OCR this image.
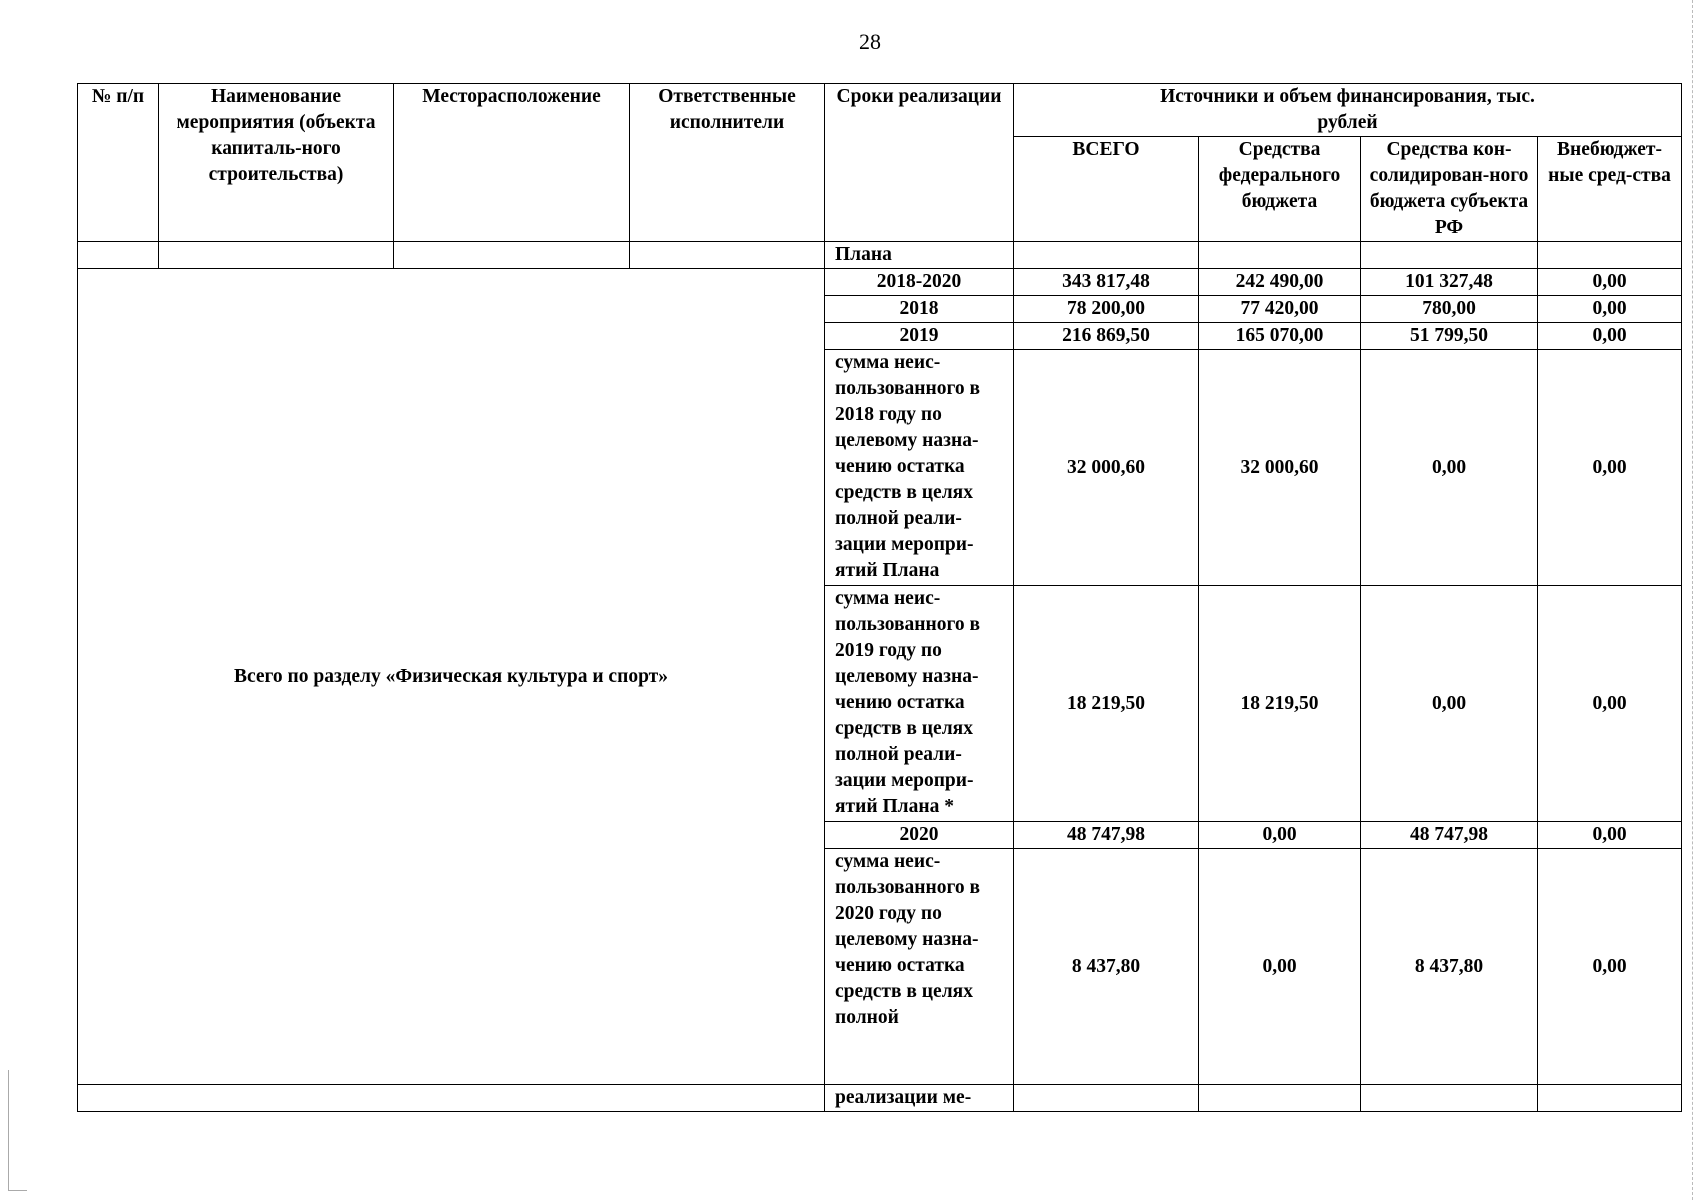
28
№ п/п	Наименование мероприятия (объекта капиталь-ного строительства)	Месторасположение	Ответственные исполнители	Сроки реализации	Источники и объем финансирования, тыс. рублей			
					ВСЕГО	Средства федерального бюджета	Средства кон-солидирован-ного бюджета субъекта РФ	Внебюджет-ные сред-ства
				Плана				
Всего по разделу «Физическая культура и спорт»				2018-2020	343 817,48	242 490,00	101 327,48	0,00
				2018	78 200,00	77 420,00	780,00	0,00
				2019	216 869,50	165 070,00	51 799,50	0,00
				сумма неис-пользованного в 2018 году по целевому назна-чению остатка средств в целях полной реали-зации меропри-ятий Плана	32 000,60	32 000,60	0,00	0,00
				сумма неис-пользованного в 2019 году по целевому назна-чению остатка средств в целях полной реали-зации меропри-ятий Плана *	18 219,50	18 219,50	0,00	0,00
				2020	48 747,98	0,00	48 747,98	0,00
				сумма неис-пользованного в 2020 году по целевому назна-чению остатка средств в целях полной	8 437,80	0,00	8 437,80	0,00
				реализации ме-				
